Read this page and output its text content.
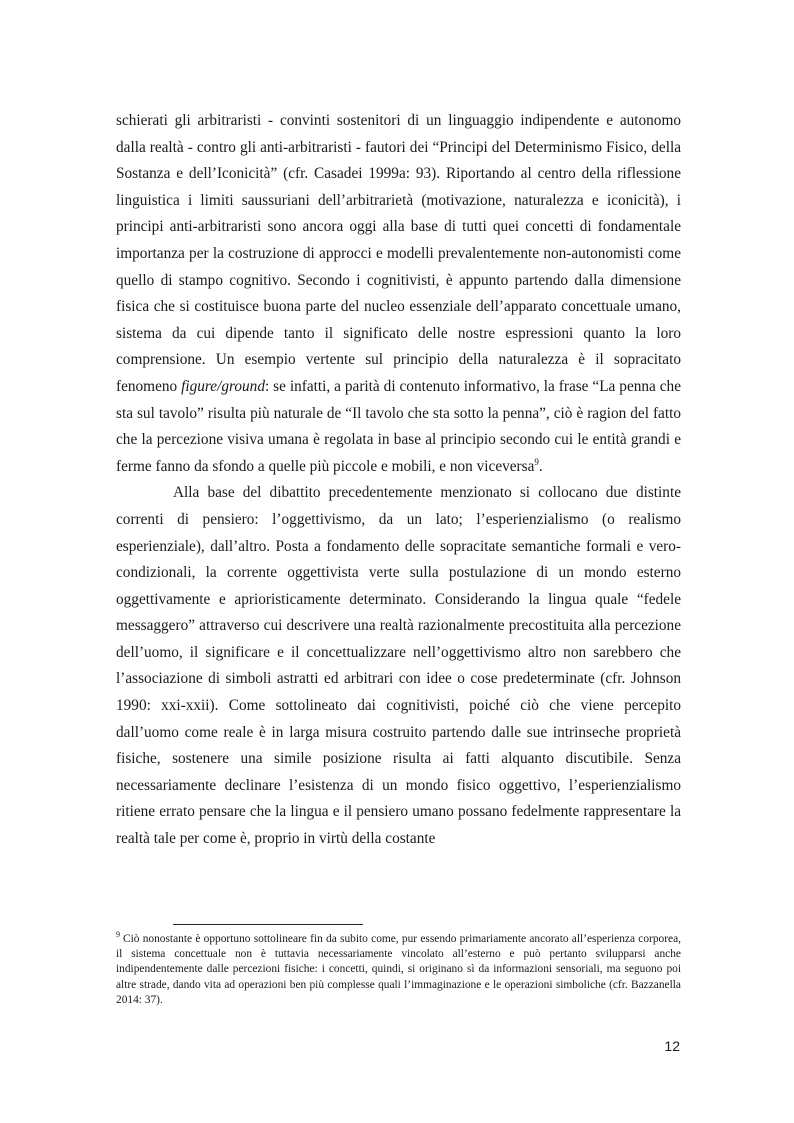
schierati gli arbitraristi - convinti sostenitori di un linguaggio indipendente e autonomo dalla realtà - contro gli anti-arbitraristi - fautori dei “Principi del Determinismo Fisico, della Sostanza e dell’Iconicità” (cfr. Casadei 1999a: 93). Riportando al centro della riflessione linguistica i limiti saussuriani dell’arbitrarietà (motivazione, naturalezza e iconicità), i principi anti-arbitraristi sono ancora oggi alla base di tutti quei concetti di fondamentale importanza per la costruzione di approcci e modelli prevalentemente non-autonomisti come quello di stampo cognitivo. Secondo i cognitivisti, è appunto partendo dalla dimensione fisica che si costituisce buona parte del nucleo essenziale dell’apparato concettuale umano, sistema da cui dipende tanto il significato delle nostre espressioni quanto la loro comprensione. Un esempio vertente sul principio della naturalezza è il sopracitato fenomeno figure/ground: se infatti, a parità di contenuto informativo, la frase “La penna che sta sul tavolo” risulta più naturale de “Il tavolo che sta sotto la penna”, ciò è ragion del fatto che la percezione visiva umana è regolata in base al principio secondo cui le entità grandi e ferme fanno da sfondo a quelle più piccole e mobili, e non viceversa$^9$.

Alla base del dibattito precedentemente menzionato si collocano due distinte correnti di pensiero: l’oggettivismo, da un lato; l’esperienzialismo (o realismo esperienziale), dall’altro. Posta a fondamento delle sopracitate semantiche formali e vero-condizionali, la corrente oggettivista verte sulla postulazione di un mondo esterno oggettivamente e aprioristicamente determinato. Considerando la lingua quale “fedele messaggero” attraverso cui descrivere una realtà razionalmente precostituita alla percezione dell’uomo, il significare e il concettualizzare nell’oggettivismo altro non sarebbero che l’associazione di simboli astratti ed arbitrari con idee o cose predeterminate (cfr. Johnson 1990: xxi-xxii). Come sottolineato dai cognitivisti, poiché ciò che viene percepito dall’uomo come reale è in larga misura costruito partendo dalle sue intrinseche proprietà fisiche, sostenere una simile posizione risulta ai fatti alquanto discutibile. Senza necessariamente declinare l’esistenza di un mondo fisico oggettivo, l’esperienzialismo ritiene errato pensare che la lingua e il pensiero umano possano fedelmente rappresentare la realtà tale per come è, proprio in virtù della costante

$^9$ Ciò nonostante è opportuno sottolineare fin da subito come, pur essendo primariamente ancorato all’esperienza corporea, il sistema concettuale non è tuttavia necessariamente vincolato all’esterno e può pertanto svilupparsi anche indipendentemente dalle percezioni fisiche: i concetti, quindi, si originano sì da informazioni sensoriali, ma seguono poi altre strade, dando vita ad operazioni ben più complesse quali l’immaginazione e le operazioni simboliche (cfr. Bazzanella 2014: 37).

12
